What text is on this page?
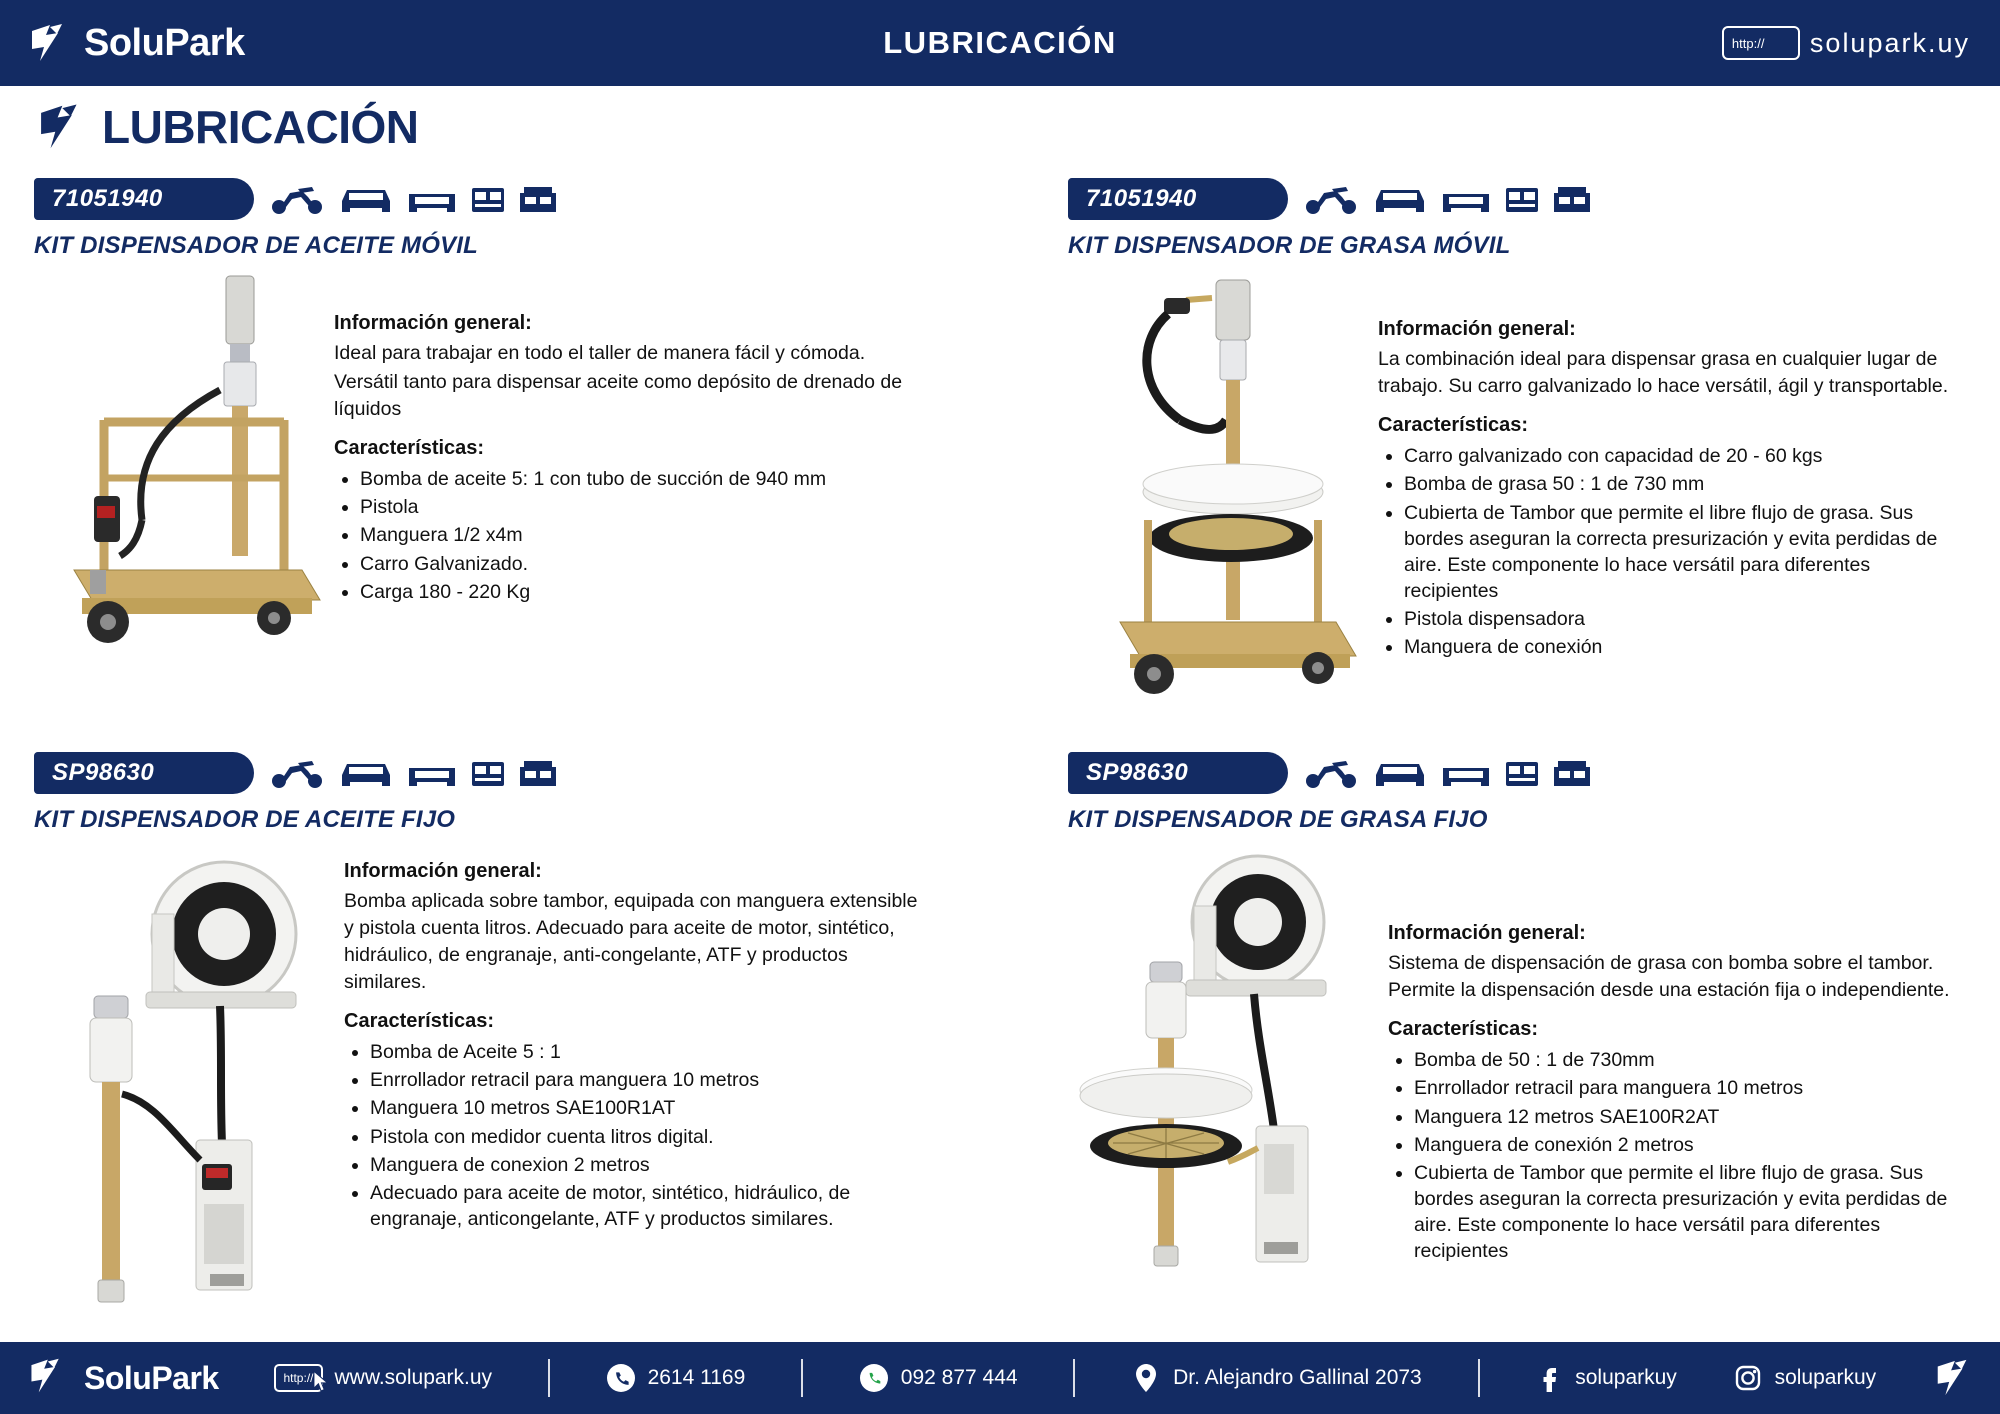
SoluPark	LUBRICACIÓN	http:// solupark.uy
LUBRICACIÓN
71051940
KIT DISPENSADOR DE ACEITE MÓVIL
Información general:

Ideal para trabajar en todo el taller de manera fácil y cómoda.

Versátil tanto para dispensar aceite como depósito de drenado de líquidos

Características:
• Bomba de aceite 5: 1 con tubo de succión de 940 mm
• Pistola
• Manguera 1/2 x4m
• Carro Galvanizado.
• Carga 180 - 220 Kg
71051940
KIT DISPENSADOR DE GRASA MÓVIL
Información general:

La combinación ideal para dispensar grasa en cualquier lugar de trabajo. Su carro galvanizado lo hace versátil, ágil y transportable.

Características:
• Carro galvanizado con capacidad de 20 - 60 kgs
• Bomba de grasa 50 : 1 de 730 mm
• Cubierta de Tambor que permite el libre flujo de grasa. Sus bordes aseguran la correcta presurización y evita perdidas de aire. Este componente lo hace versátil para diferentes recipientes
• Pistola dispensadora
• Manguera de conexión
SP98630
KIT DISPENSADOR DE ACEITE FIJO
Información general:

Bomba aplicada sobre tambor, equipada con manguera extensible y pistola cuenta litros. Adecuado para aceite de motor, sintético, hidráulico, de engranaje, anti-congelante, ATF y productos similares.

Características:
• Bomba de Aceite 5 : 1
• Enrrollador retracil para manguera 10 metros
• Manguera 10 metros SAE100R1AT
• Pistola con medidor cuenta litros digital.
• Manguera de conexion 2 metros
• Adecuado para aceite de motor, sintético, hidráulico, de engranaje, anticongelante, ATF y productos similares.
SP98630
KIT DISPENSADOR DE GRASA FIJO
Información general:

Sistema de dispensación de grasa con bomba sobre el tambor. Permite la dispensación desde una estación fija o independiente.

Características:
• Bomba de 50 : 1 de 730mm
• Enrrollador retracil para manguera 10 metros
• Manguera 12 metros SAE100R2AT
• Manguera de conexión 2 metros
• Cubierta de Tambor que permite el libre flujo de grasa. Sus bordes aseguran la correcta presurización y evita perdidas de aire. Este componente lo hace versátil para diferentes recipientes
SoluPark	http:// www.solupark.uy	2614 1169	092 877 444	Dr. Alejandro Gallinal 2073	soluparkuy	soluparkuy
